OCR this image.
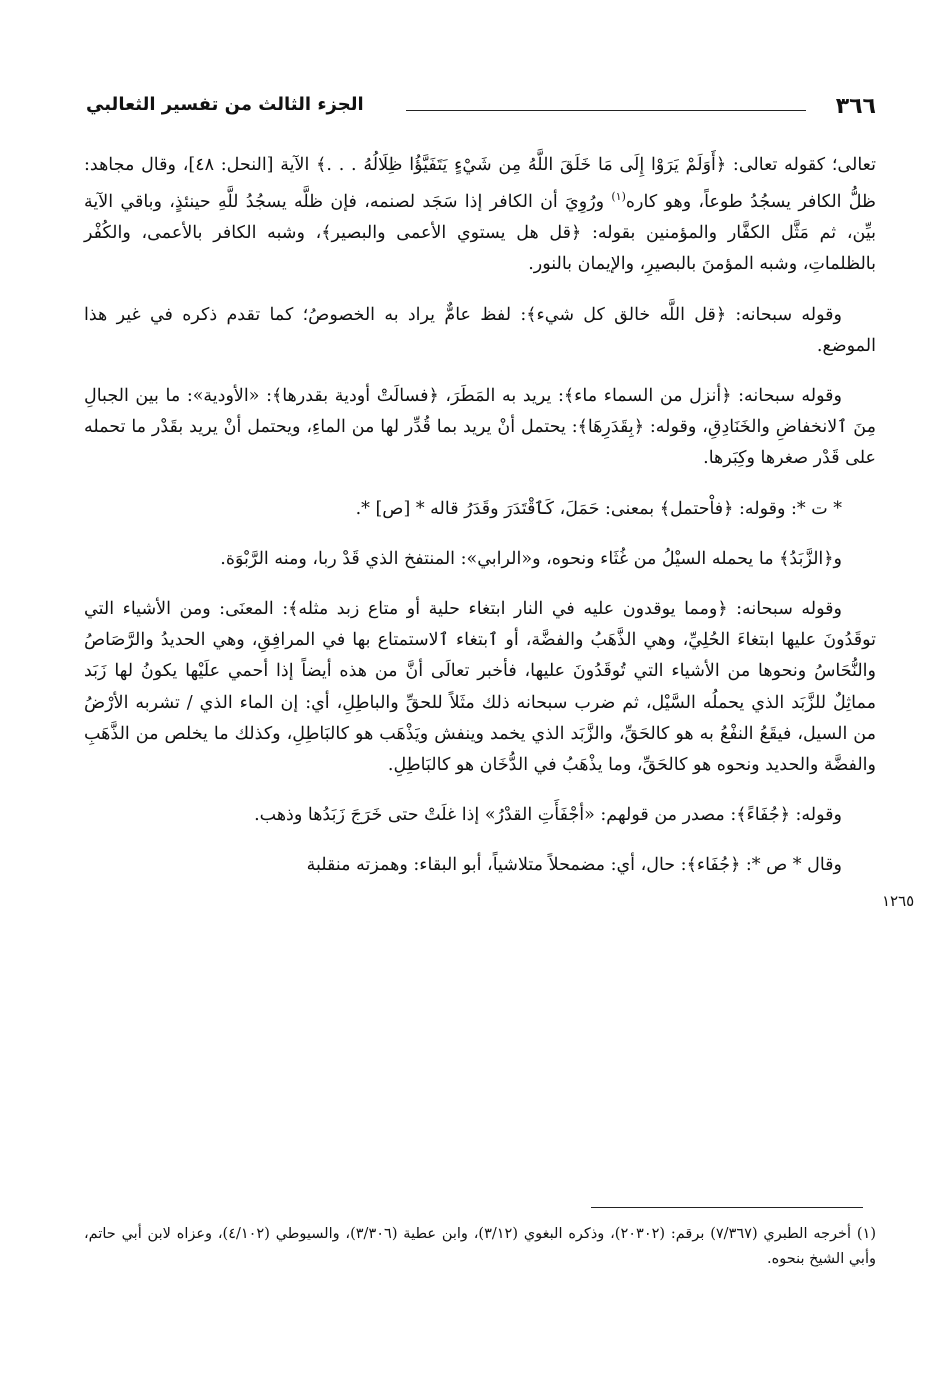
٣٦٦
الجزء الثالث من تفسير الثعالبي

تعالى؛ كقوله تعالى: ﴿أَوَلَمْ يَرَوْا إِلَى مَا خَلَقَ اللَّهُ مِن شَيْءٍ يَتَفَيَّؤُا ظِلَالُهُ . . .﴾ الآية [النحل: ٤٨]، وقال مجاهد: ظلُّ الكافر يسجُدُ طوعاً، وهو كاره$^{(١)}$ ورُوِيَ أن الكافر إذا سَجَد لصنمه، فإن ظلَّه يسجُدُ للَّهِ حينئذٍ، وباقي الآية بيِّن، ثم مَثَّل الكفَّار والمؤمنين بقوله: ﴿قل هل يستوي الأعمى والبصير﴾، وشبه الكافر بالأعمى، والكُفْر بالظلماتِ، وشبه المؤمنَ بالبصيرِ، والإيمان بالنور.

وقوله سبحانه: ﴿قل اللَّه خالق كل شيء﴾: لفظ عامٌّ يراد به الخصوصُ؛ كما تقدم ذكره في غير هذا الموضع.

وقوله سبحانه: ﴿أنزل من السماء ماء﴾: يريد به المَطَرَ، ﴿فسالَتْ أودية بقدرها﴾: «الأودية»: ما بين الجبالِ مِنَ ٱلانخفاضِ والخَنَادِقِ، وقوله: ﴿بِقَدَرِهَا﴾: يحتمل أنْ يريد بما قُدِّر لها من الماءِ، ويحتمل أنْ يريد بقَدْر ما تحمله على قَدْر صغرها وكِبَرها.

* ت *: وقوله: ﴿فاْحتمل﴾ بمعنى: حَمَلَ، كَٱقْتَدَرَ وقَدَرُ قاله * [ص] *.

و﴿الزَّبَدُ﴾ ما يحمله السيْلُ من غُثَاء ونحوه، و«الرابي»: المنتفخ الذي قَدْ ربا، ومنه الرَّبْوَة.

وقوله سبحانه: ﴿ومما يوقدون عليه في النار ابتغاء حلية أو متاع زبد مثله﴾: المعنَى: ومن الأشياء التي توقَدُونَ عليها ابتغاءَ الحُلِيِّ، وهي الذَّهَبُ والفضَّة، أو ٱبتغاء ٱلاستمتاع بها في المرافِقِ، وهي الحديدُ والرَّصَاصُ والنُّحَاسُ ونحوها من الأشياء التي تُوقَدُونَ عليها، فأخبر تعالَى أنَّ من هذه أيضاً إذا أحمي علَيْها يكونُ لها زَبَد مماثِلٌ للزَّبَد الذي يحملُه السَّيْل، ثم ضرب سبحانه ذلك مثَلاً للحقِّ والباطِلِ، أي: إن الماء الذي / تشربه الأرْضُ من السيل، فيقَعُ النفْعُ به هو كالحَقِّ، والزَّبَد الذي يخمد وينفش ويَذْهَب هو كالبَاطِلِ، وكذلك ما يخلص من الذَّهَبِ والفضَّة والحديد ونحوه هو كالحَقِّ، وما يذْهَبُ في الدُّخَان هو كالبَاطِلِ.

وقوله: ﴿جُفَاءً﴾: مصدر من قولهم: «أجْفَأَتِ القدْرُ» إذا غلَتْ حتى خَرَجَ زَبَدُها وذهب.

وقال * ص *: ﴿جُفَاء﴾: حال، أي: مضمحلاً متلاشياً، أبو البقاء: وهمزته منقلبة

١٢٦٥

(١) أخرجه الطبري (٧/٣٦٧) برقم: (٢٠٣٠٢)، وذكره البغوي (٣/١٢)، وابن عطية (٣/٣٠٦)، والسيوطي (٤/١٠٢)، وعزاه لابن أبي حاتم، وأبي الشيخ بنحوه.
